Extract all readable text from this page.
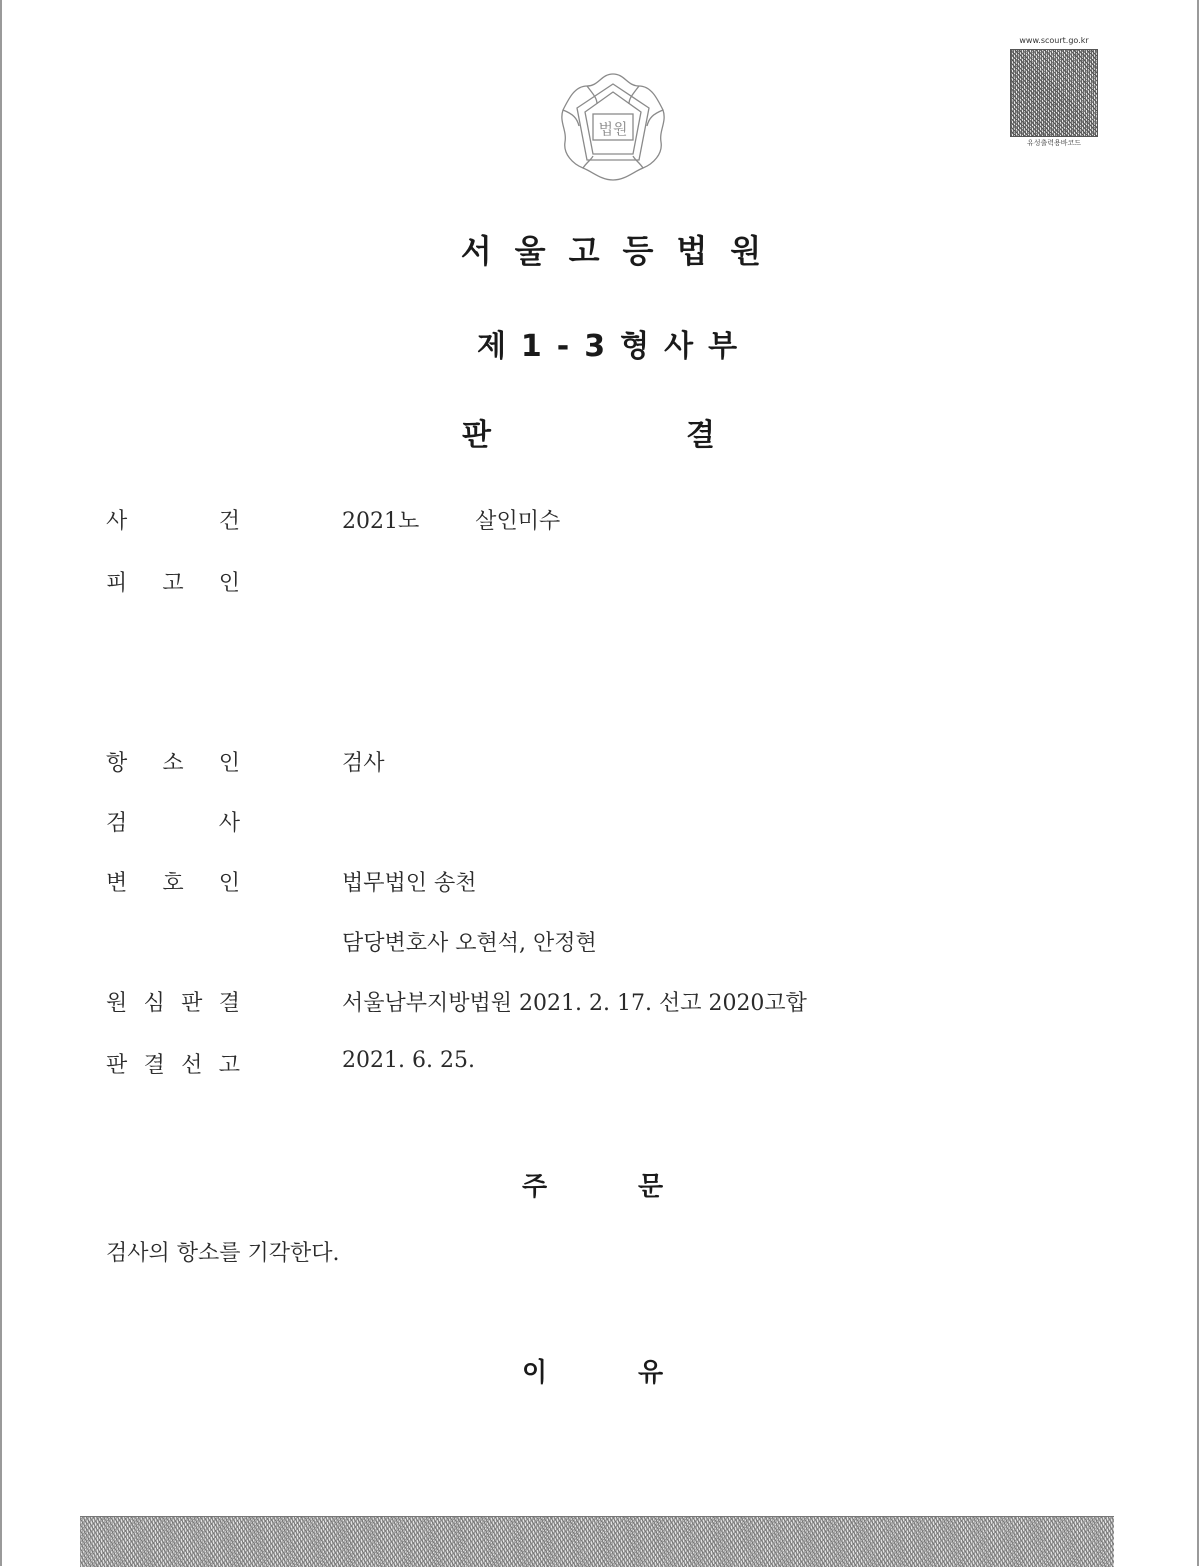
법원
www.scourt.go.kr
유성출력용바코드
서울고등법원
제1-3형사부
판	결
사	건	2021노        살인미수
피 고 인
항 소 인	검사
검	사
변 호 인	법무법인 송천
담당변호사 오현석, 안정현
원 심 판 결	서울남부지방법원 2021. 2. 17. 선고 2020고합
판 결 선 고	2021. 6. 25.
주	문
검사의 항소를 기각한다.
이	유
